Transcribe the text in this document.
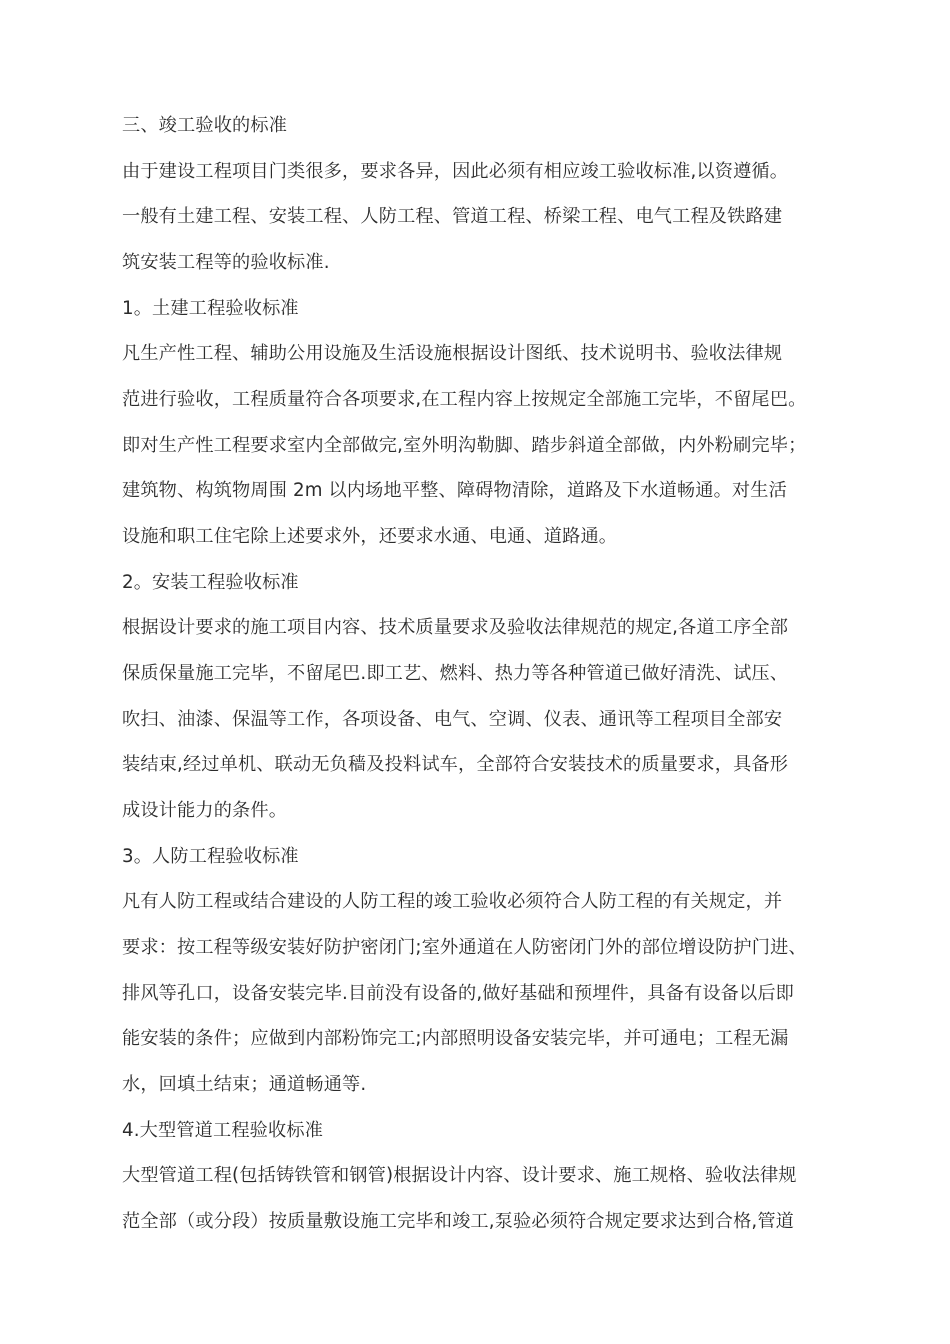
三、竣工验收的标准
由于建设工程项目门类很多，要求各异，因此必须有相应竣工验收标准,以资遵循。
一般有土建工程、安装工程、人防工程、管道工程、桥梁工程、电气工程及铁路建
筑安装工程等的验收标准.
1。土建工程验收标准
凡生产性工程、辅助公用设施及生活设施根据设计图纸、技术说明书、验收法律规
范进行验收，工程质量符合各项要求,在工程内容上按规定全部施工完毕，不留尾巴。
即对生产性工程要求室内全部做完,室外明沟勒脚、踏步斜道全部做，内外粉刷完毕；
建筑物、构筑物周围 2m 以内场地平整、障碍物清除，道路及下水道畅通。对生活
设施和职工住宅除上述要求外，还要求水通、电通、道路通。
2。安装工程验收标准
根据设计要求的施工项目内容、技术质量要求及验收法律规范的规定,各道工序全部
保质保量施工完毕，不留尾巴.即工艺、燃料、热力等各种管道已做好清洗、试压、
吹扫、油漆、保温等工作，各项设备、电气、空调、仪表、通讯等工程项目全部安
装结束,经过单机、联动无负穑及投料试车，全部符合安装技术的质量要求，具备形
成设计能力的条件。
3。人防工程验收标准
凡有人防工程或结合建设的人防工程的竣工验收必须符合人防工程的有关规定，并
要求：按工程等级安装好防护密闭门;室外通道在人防密闭门外的部位增设防护门进、
排风等孔口，设备安装完毕.目前没有设备的,做好基础和预埋件，具备有设备以后即
能安装的条件；应做到内部粉饰完工;内部照明设备安装完毕，并可通电；工程无漏
水，回填土结束；通道畅通等.
4.大型管道工程验收标准
大型管道工程(包括铸铁管和钢管)根据设计内容、设计要求、施工规格、验收法律规
范全部（或分段）按质量敷设施工完毕和竣工,泵验必须符合规定要求达到合格,管道
